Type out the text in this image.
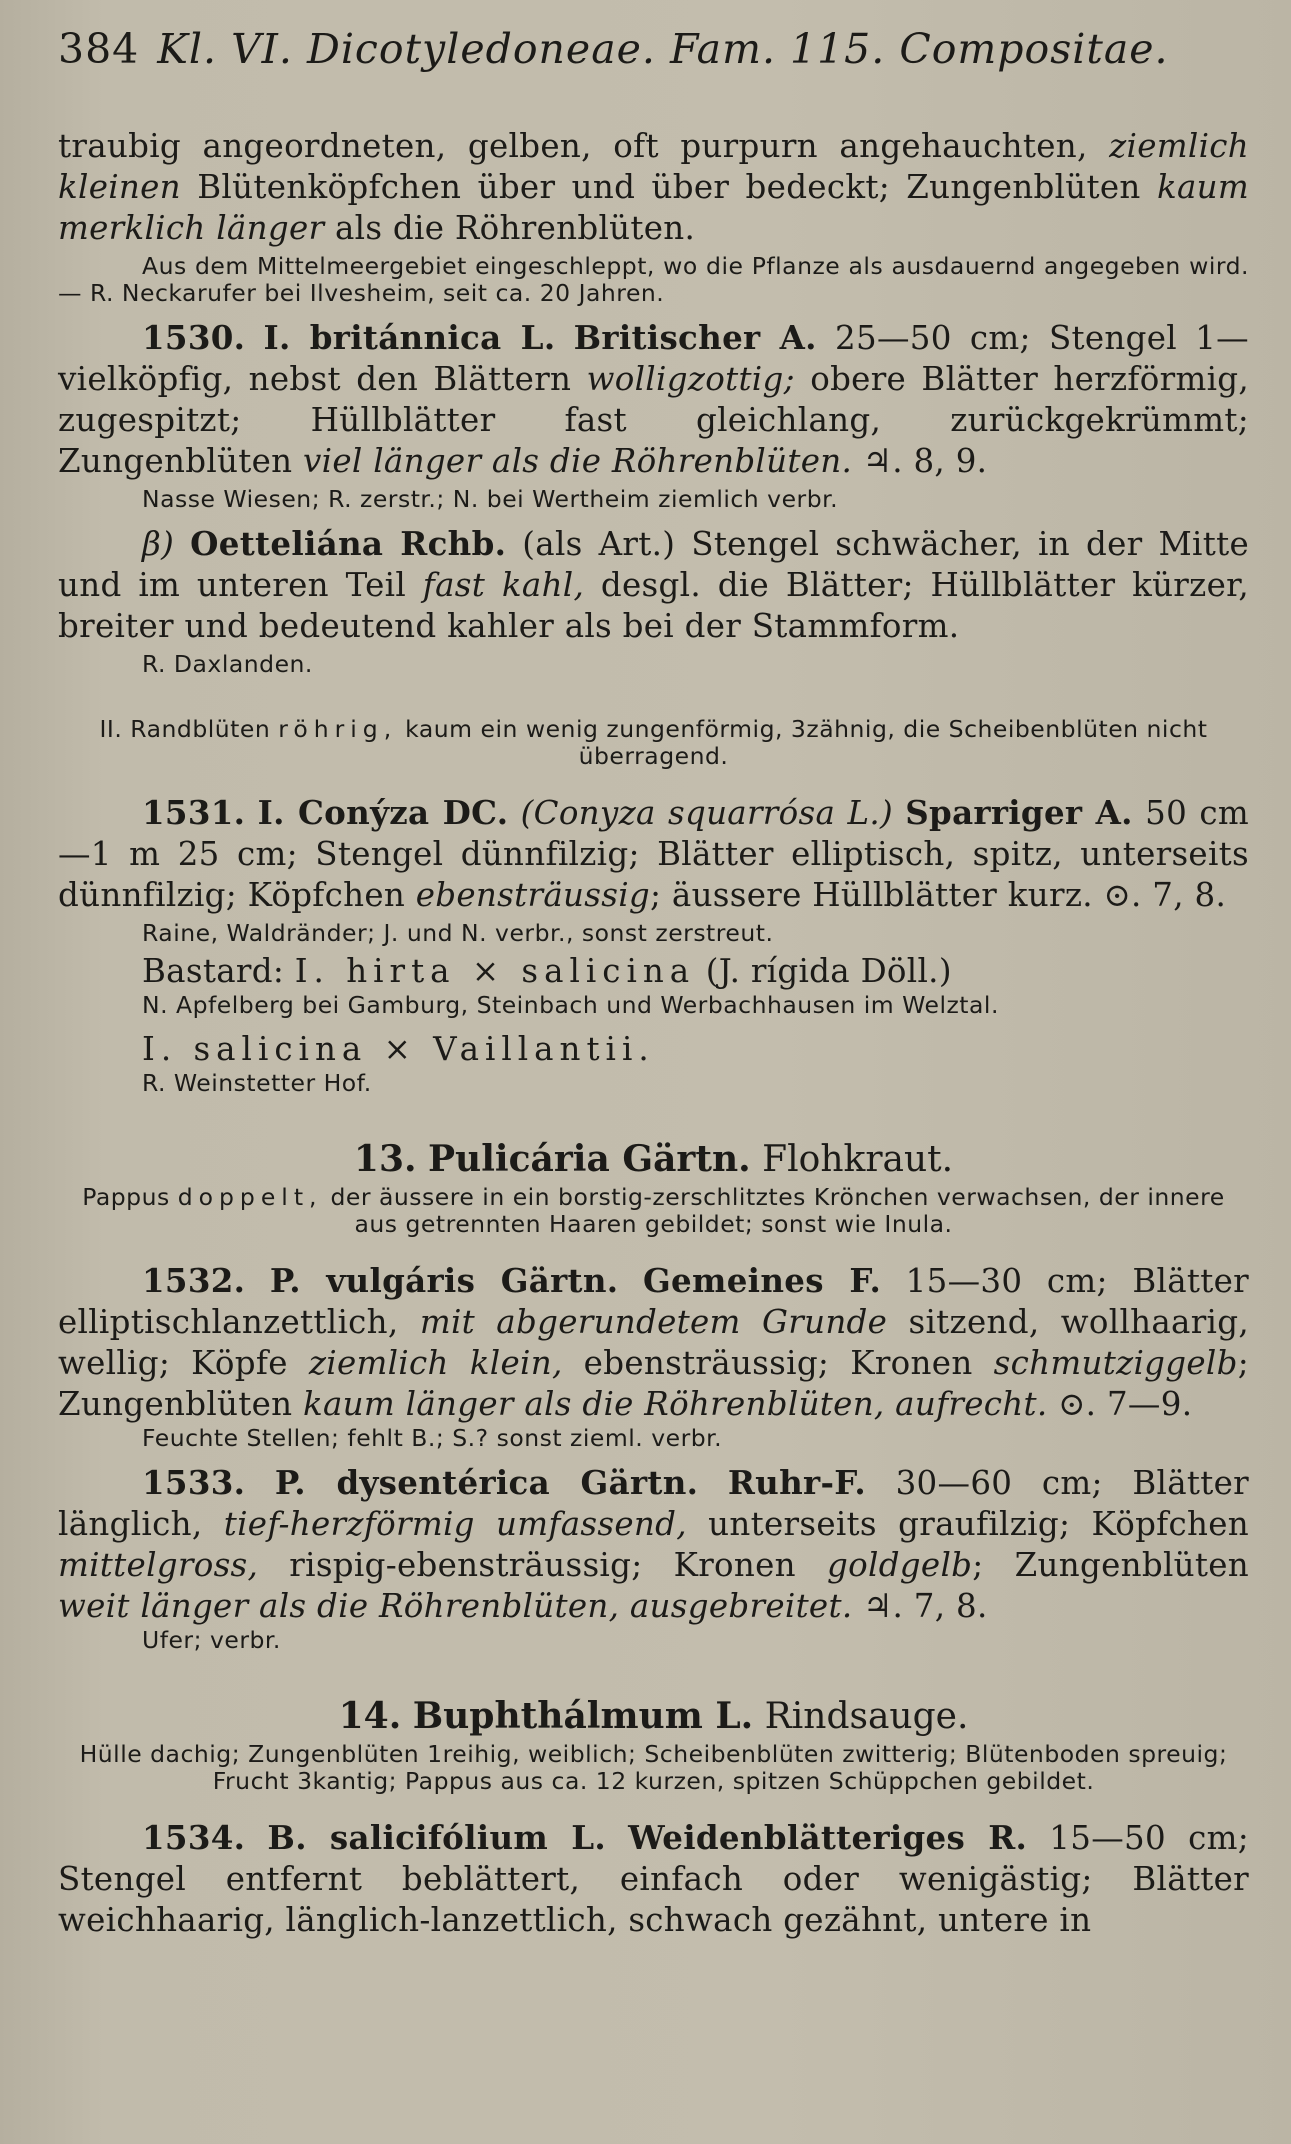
384 Kl. VI. Dicotyledoneae. Fam. 115. Compositae.

traubig angeordneten, gelben, oft purpurn angehauchten, ziemlich kleinen Blütenköpfchen über und über bedeckt; Zungenblüten kaum merklich länger als die Röhrenblüten.

Aus dem Mittelmeergebiet eingeschleppt, wo die Pflanze als ausdauernd angegeben wird. — R. Neckarufer bei Ilvesheim, seit ca. 20 Jahren.

1530. I. británnica L. Britischer A. 25—50 cm; Stengel 1—vielköpfig, nebst den Blättern wolligzottig; obere Blätter herzförmig, zugespitzt; Hüllblätter fast gleichlang, zurückgekrümmt; Zungenblüten viel länger als die Röhrenblüten. ♃. 8, 9.

Nasse Wiesen; R. zerstr.; N. bei Wertheim ziemlich verbr.

β) Oetteliána Rchb. (als Art.) Stengel schwächer, in der Mitte und im unteren Teil fast kahl, desgl. die Blätter; Hüllblätter kürzer, breiter und bedeutend kahler als bei der Stammform.

R. Daxlanden.

II. Randblüten röhrig, kaum ein wenig zungenförmig, 3zähnig, die Scheibenblüten nicht überragend.

1531. I. Conýza DC. (Conyza squarrósa L.) Sparriger A. 50 cm—1 m 25 cm; Stengel dünnfilzig; Blätter elliptisch, spitz, unterseits dünnfilzig; Köpfchen ebensträussig; äussere Hüllblätter kurz. ⊙. 7, 8.

Raine, Waldränder; J. und N. verbr., sonst zerstreut.

Bastard: I. hirta × salicina (J. rígida Döll.)

N. Apfelberg bei Gamburg, Steinbach und Werbachhausen im Welztal.

I. salicina × Vaillantii.

R. Weinstetter Hof.

13. Pulicária Gärtn. Flohkraut.

Pappus doppelt, der äussere in ein borstig-zerschlitztes Krönchen verwachsen, der innere aus getrennten Haaren gebildet; sonst wie Inula.

1532. P. vulgáris Gärtn. Gemeines F. 15—30 cm; Blätter elliptischlanzettlich, mit abgerundetem Grunde sitzend, wollhaarig, wellig; Köpfe ziemlich klein, ebensträussig; Kronen schmutziggelb; Zungenblüten kaum länger als die Röhrenblüten, aufrecht. ⊙. 7—9.

Feuchte Stellen; fehlt B.; S.? sonst zieml. verbr.

1533. P. dysentérica Gärtn. Ruhr-F. 30—60 cm; Blätter länglich, tief-herzförmig umfassend, unterseits graufilzig; Köpfchen mittelgross, rispig-ebensträussig; Kronen goldgelb; Zungenblüten weit länger als die Röhrenblüten, ausgebreitet. ♃. 7, 8.

Ufer; verbr.

14. Buphthálmum L. Rindsauge.

Hülle dachig; Zungenblüten 1reihig, weiblich; Scheibenblüten zwitterig; Blütenboden spreuig; Frucht 3kantig; Pappus aus ca. 12 kurzen, spitzen Schüppchen gebildet.

1534. B. salicifólium L. Weidenblätteriges R. 15—50 cm; Stengel entfernt beblättert, einfach oder wenigästig; Blätter weichhaarig, länglich-lanzettlich, schwach gezähnt, untere in
